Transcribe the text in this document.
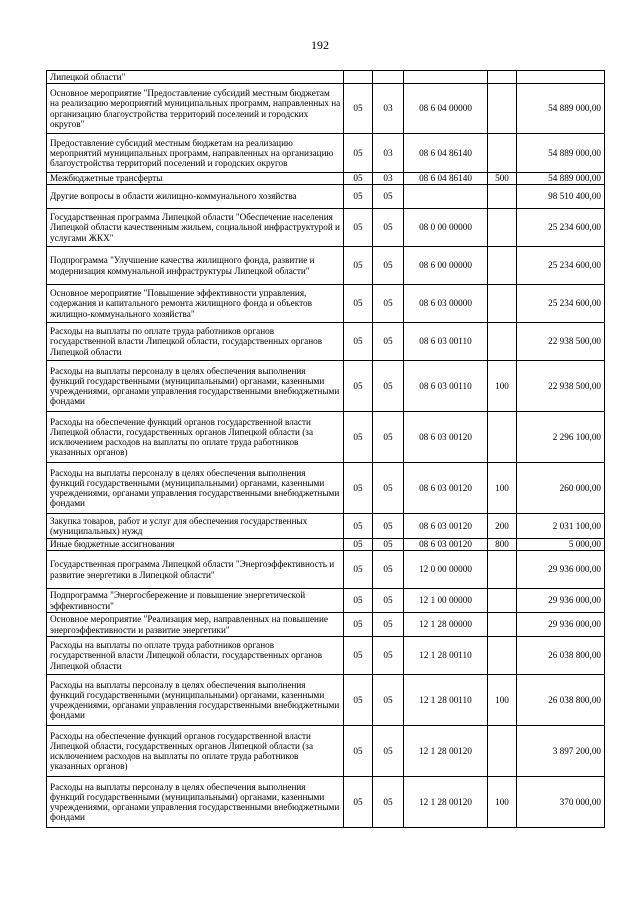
192
Липецкой области"					
Основное мероприятие "Предоставление субсидий местным бюджетам на реализацию мероприятий муниципальных программ, направленных на организацию благоустройства территорий поселений и городских округов"	05	03	08 6 04 00000		54 889 000,00
Предоставление субсидий местным бюджетам на реализацию мероприятий муниципальных программ, направленных на организацию благоустройства территорий поселений и городских округов	05	03	08 6 04 86140		54 889 000,00
Межбюджетные трансферты	05	03	08 6 04 86140	500	54 889 000,00
Другие вопросы в области жилищно-коммунального хозяйства	05	05			98 510 400,00
Государственная программа Липецкой области "Обеспечение населения Липецкой области качественным жильем, социальной инфраструктурой и услугами ЖКХ"	05	05	08 0 00 00000		25 234 600,00
Подпрограмма "Улучшение качества жилищного фонда, развитие и модернизация коммунальной инфраструктуры Липецкой области"	05	05	08 6 00 00000		25 234 600,00
Основное мероприятие "Повышение эффективности управления, содержания и капитального ремонта жилищного фонда и объектов жилищно-коммунального хозяйства"	05	05	08 6 03 00000		25 234 600,00
Расходы на выплаты по оплате труда работников органов государственной власти Липецкой области, государственных органов Липецкой области	05	05	08 6 03 00110		22 938 500,00
Расходы на выплаты персоналу в целях обеспечения выполнения функций государственными (муниципальными) органами, казенными учреждениями, органами управления государственными внебюджетными фондами	05	05	08 6 03 00110	100	22 938 500,00
Расходы на обеспечение функций органов государственной власти Липецкой области, государственных органов Липецкой области (за исключением расходов на выплаты по оплате труда работников указанных органов)	05	05	08 6 03 00120		2 296 100,00
Расходы на выплаты персоналу в целях обеспечения выполнения функций государственными (муниципальными) органами, казенными учреждениями, органами управления государственными внебюджетными фондами	05	05	08 6 03 00120	100	260 000,00
Закупка товаров, работ и услуг для обеспечения государственных (муниципальных) нужд	05	05	08 6 03 00120	200	2 031 100,00
Иные бюджетные ассигнования	05	05	08 6 03 00120	800	5 000,00
Государственная программа Липецкой области "Энергоэффективность и развитие энергетики в Липецкой области"	05	05	12 0 00 00000		29 936 000,00
Подпрограмма "Энергосбережение и повышение энергетической эффективности"	05	05	12 1 00 00000		29 936 000,00
Основное мероприятие "Реализация мер, направленных на повышение энергоэффективности и развитие энергетики"	05	05	12 1 28 00000		29 936 000,00
Расходы на выплаты по оплате труда работников органов государственной власти Липецкой области, государственных органов Липецкой области	05	05	12 1 28 00110		26 038 800,00
Расходы на выплаты персоналу в целях обеспечения выполнения функций государственными (муниципальными) органами, казенными учреждениями, органами управления государственными внебюджетными фондами	05	05	12 1 28 00110	100	26 038 800,00
Расходы на обеспечение функций органов государственной власти Липецкой области, государственных органов Липецкой области (за исключением расходов на выплаты по оплате труда работников указанных органов)	05	05	12 1 28 00120		3 897 200,00
Расходы на выплаты персоналу в целях обеспечения выполнения функций государственными (муниципальными) органами, казенными учреждениями, органами управления государственными внебюджетными фондами	05	05	12 1 28 00120	100	370 000,00
